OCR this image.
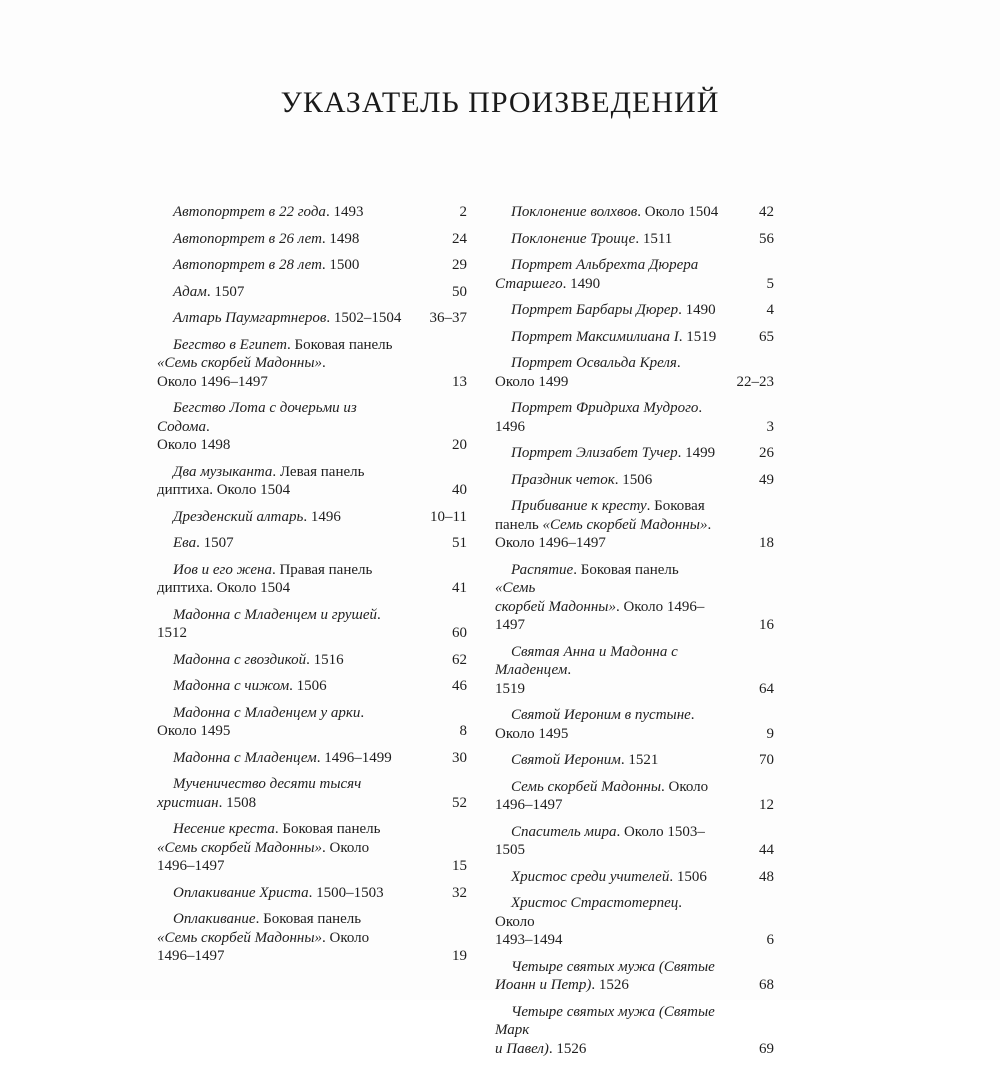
УКАЗАТЕЛЬ ПРОИЗВЕДЕНИЙ
Автопортрет в 22 года. 1493	2
Автопортрет в 26 лет. 1498	24
Автопортрет в 28 лет. 1500	29
Адам. 1507	50
Алтарь Паумгартнеров. 1502–1504 36–37
Бегство в Египет. Боковая панель
«Семь скорбей Мадонны».
Около 1496–1497	13
Бегство Лота с дочерьми из Содома.
Около 1498	20
Два музыканта. Левая панель
диптиха. Около 1504	40
Дрезденский алтарь. 1496	10–11
Ева. 1507	51
Иов и его жена. Правая панель
диптиха. Около 1504	41
Мадонна с Младенцем и грушей. 1512	60
Мадонна с гвоздикой. 1516	62
Мадонна с чижом. 1506	46
Мадонна с Младенцем у арки.
Около 1495	8
Мадонна с Младенцем. 1496–1499	30
Мученичество десяти тысяч
христиан. 1508	52
Несение креста. Боковая панель
«Семь скорбей Мадонны». Около
1496–1497	15
Оплакивание Христа. 1500–1503	32
Оплакивание. Боковая панель
«Семь скорбей Мадонны». Около
1496–1497	19
Поклонение волхвов. Около 1504	42
Поклонение Троице. 1511	56
Портрет Альбрехта Дюрера
Старшего. 1490	5
Портрет Барбары Дюрер. 1490	4
Портрет Максимилиана I. 1519	65
Портрет Освальда Креля.
Около 1499	22–23
Портрет Фридриха Мудрого. 1496	3
Портрет Элизабет Тучер. 1499	26
Праздник четок. 1506	49
Прибивание к кресту. Боковая
панель «Семь скорбей Мадонны».
Около 1496–1497	18
Распятие. Боковая панель «Семь
скорбей Мадонны». Около 1496–1497	16
Святая Анна и Мадонна с Младенцем.
1519	64
Святой Иероним в пустыне.
Около 1495	9
Святой Иероним. 1521	70
Семь скорбей Мадонны. Около
1496–1497	12
Спаситель мира. Около 1503–1505	44
Христос среди учителей. 1506	48
Христос Страстотерпец. Около
1493–1494	6
Четыре святых мужа (Святые
Иоанн и Петр). 1526	68
Четыре святых мужа (Святые Марк
и Павел). 1526	69
